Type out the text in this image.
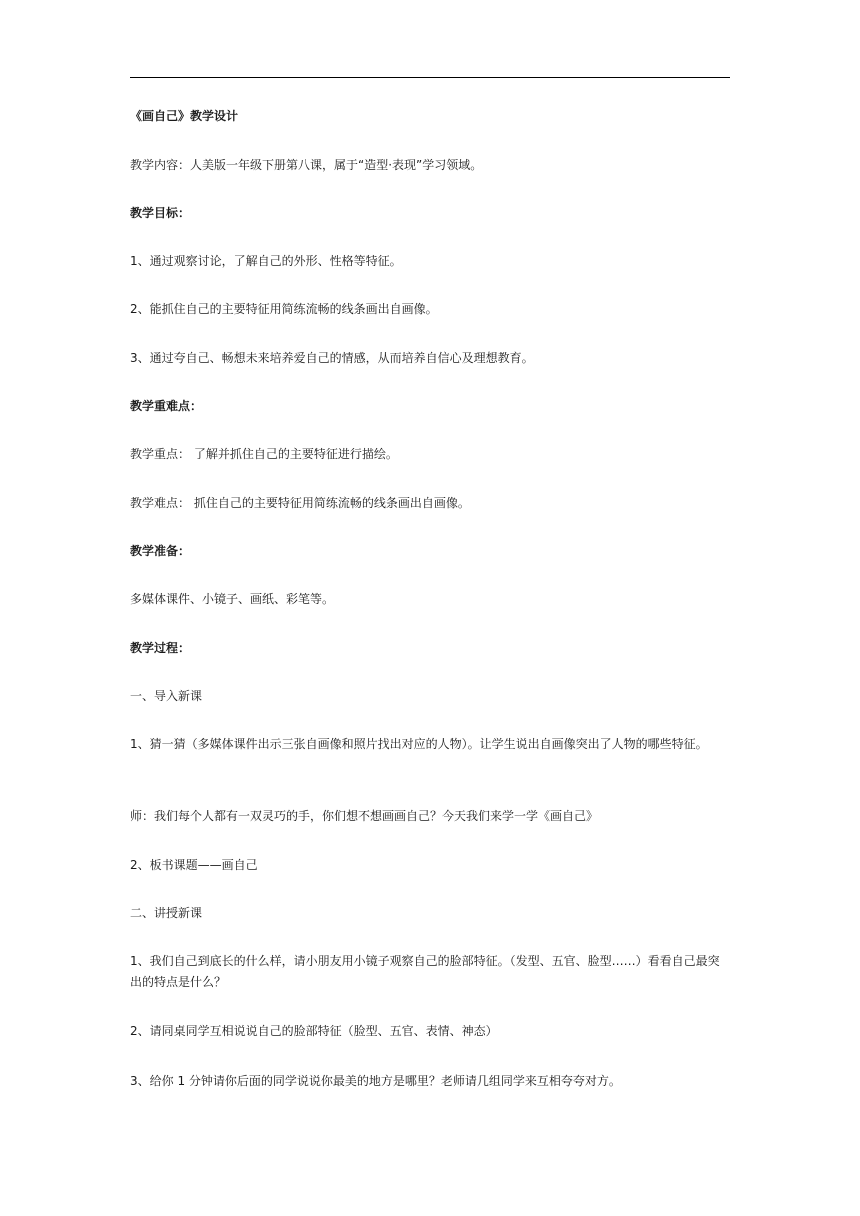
《画自己》教学设计
教学内容：人美版一年级下册第八课，属于“造型·表现”学习领域。
教学目标：
1、通过观察讨论，了解自己的外形、性格等特征。
2、能抓住自己的主要特征用简练流畅的线条画出自画像。
3、通过夸自己、畅想未来培养爱自己的情感，从而培养自信心及理想教育。
教学重难点：
教学重点： 了解并抓住自己的主要特征进行描绘。
教学难点： 抓住自己的主要特征用简练流畅的线条画出自画像。
教学准备：
多媒体课件、小镜子、画纸、彩笔等。
教学过程：
一、导入新课
1、猜一猜（多媒体课件出示三张自画像和照片找出对应的人物）。让学生说出自画像突出了人物的哪些特征。
师：我们每个人都有一双灵巧的手，你们想不想画画自己？今天我们来学一学《画自己》
2、板书课题——画自己
二、讲授新课
1、我们自己到底长的什么样，请小朋友用小镜子观察自己的脸部特征。（发型、五官、脸型……）看看自己最突出的特点是什么？
2、请同桌同学互相说说自己的脸部特征（脸型、五官、表情、神态）
3、给你 1 分钟请你后面的同学说说你最美的地方是哪里？老师请几组同学来互相夸夸对方。
